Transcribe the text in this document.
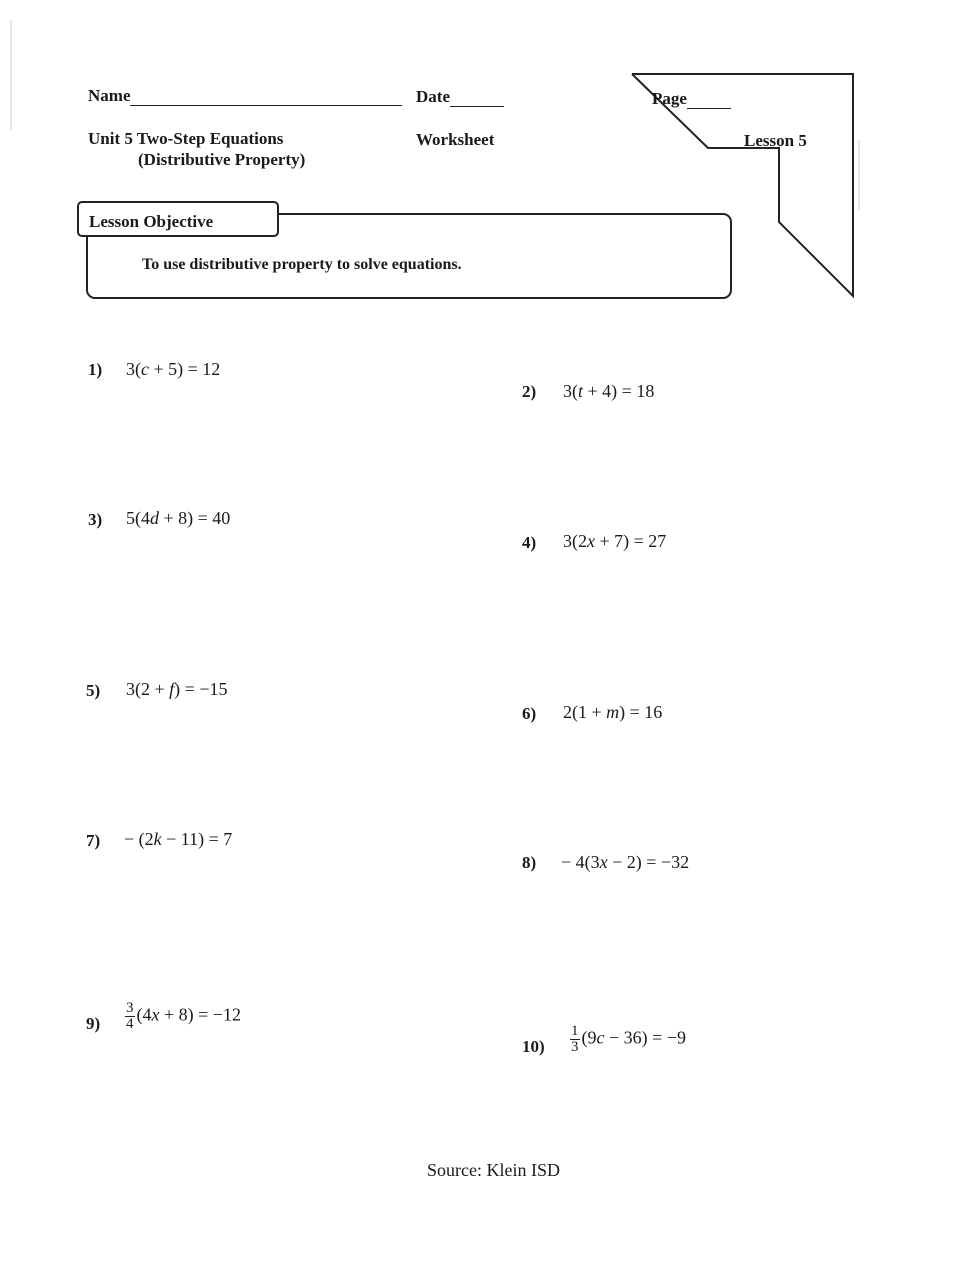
Name	Date	Page
Lesson 5
Unit 5 Two-Step Equations
(Distributive Property)
Worksheet
Lesson Objective
To use distributive property to solve equations.
1) 3(c + 5) = 12
2) 3(t + 4) = 18
3) 5(4d + 8) = 40
4) 3(2x + 7) = 27
5) 3(2 + f) = −15
6) 2(1 + m) = 16
7) − (2k − 11) = 7
8) − 4(3x − 2) = −32
$9) \frac{3}{4} (4x + 8) = -12$
$10) \frac{1}{3} (9c - 36) = -9$
Source: Klein ISD
